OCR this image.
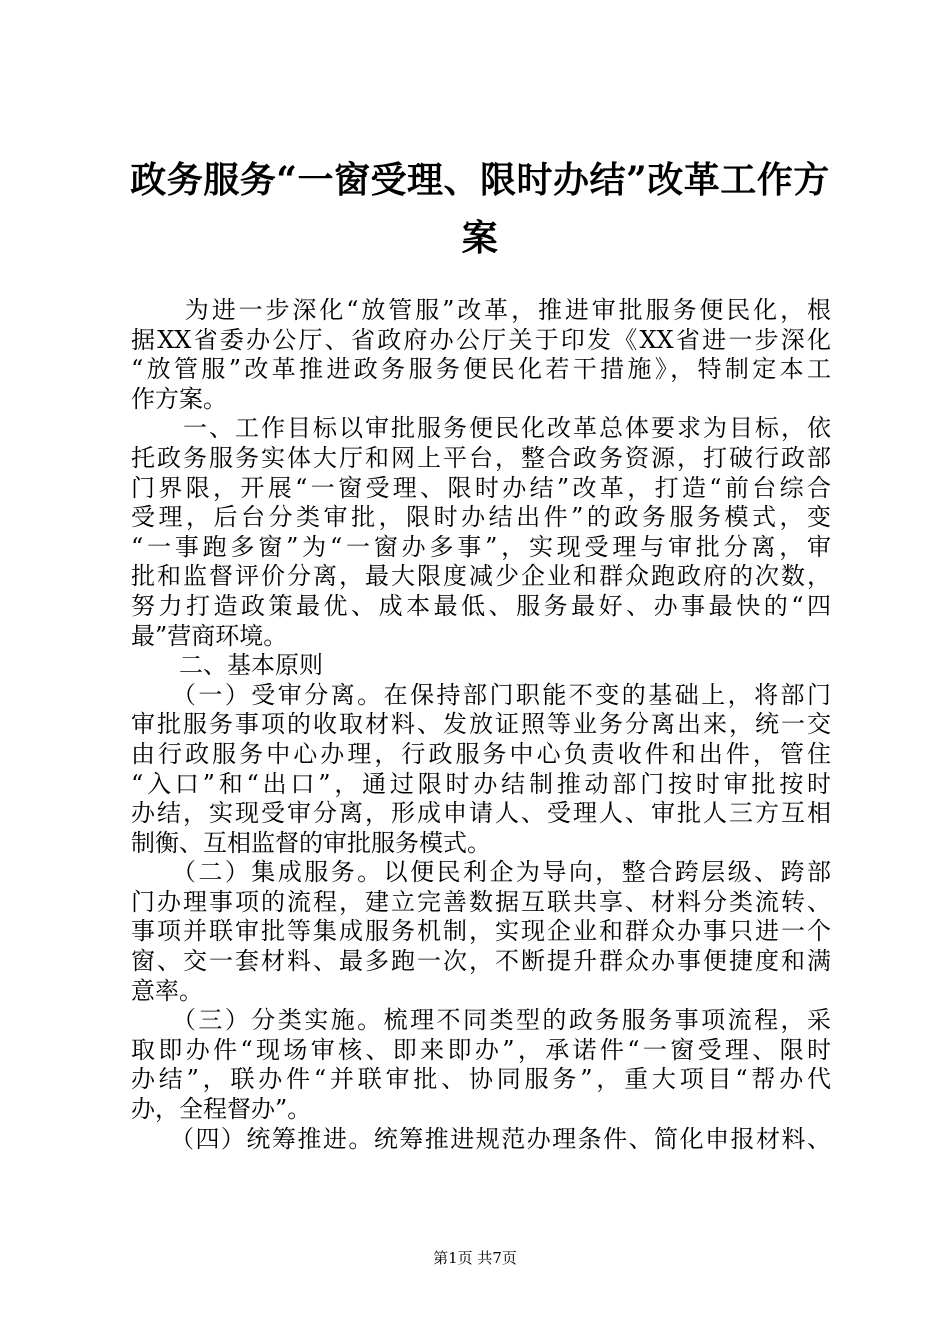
政务服务“一窗受理、限时办结”改革工作方
案
　　为进一步深化“放管服”改革，推进审批服务便民化，根
据XX省委办公厅、省政府办公厅关于印发《XX省进一步深化
“放管服”改革推进政务服务便民化若干措施》，特制定本工
作方案。
　　一、工作目标以审批服务便民化改革总体要求为目标，依
托政务服务实体大厅和网上平台，整合政务资源，打破行政部
门界限，开展“一窗受理、限时办结”改革，打造“前台综合
受理，后台分类审批，限时办结出件”的政务服务模式，变
“一事跑多窗”为“一窗办多事”，实现受理与审批分离，审
批和监督评价分离，最大限度减少企业和群众跑政府的次数，
努力打造政策最优、成本最低、服务最好、办事最快的“四
最”营商环境。
　　二、基本原则
　　（一）受审分离。在保持部门职能不变的基础上，将部门
审批服务事项的收取材料、发放证照等业务分离出来，统一交
由行政服务中心办理，行政服务中心负责收件和出件，管住
“入口”和“出口”，通过限时办结制推动部门按时审批按时
办结，实现受审分离，形成申请人、受理人、审批人三方互相
制衡、互相监督的审批服务模式。
　　（二）集成服务。以便民利企为导向，整合跨层级、跨部
门办理事项的流程，建立完善数据互联共享、材料分类流转、
事项并联审批等集成服务机制，实现企业和群众办事只进一个
窗、交一套材料、最多跑一次，不断提升群众办事便捷度和满
意率。
　　（三）分类实施。梳理不同类型的政务服务事项流程，采
取即办件“现场审核、即来即办”，承诺件“一窗受理、限时
办结”，联办件“并联审批、协同服务”，重大项目“帮办代
办，全程督办”。
　　（四）统筹推进。统筹推进规范办理条件、简化申报材料、
第1页 共7页
